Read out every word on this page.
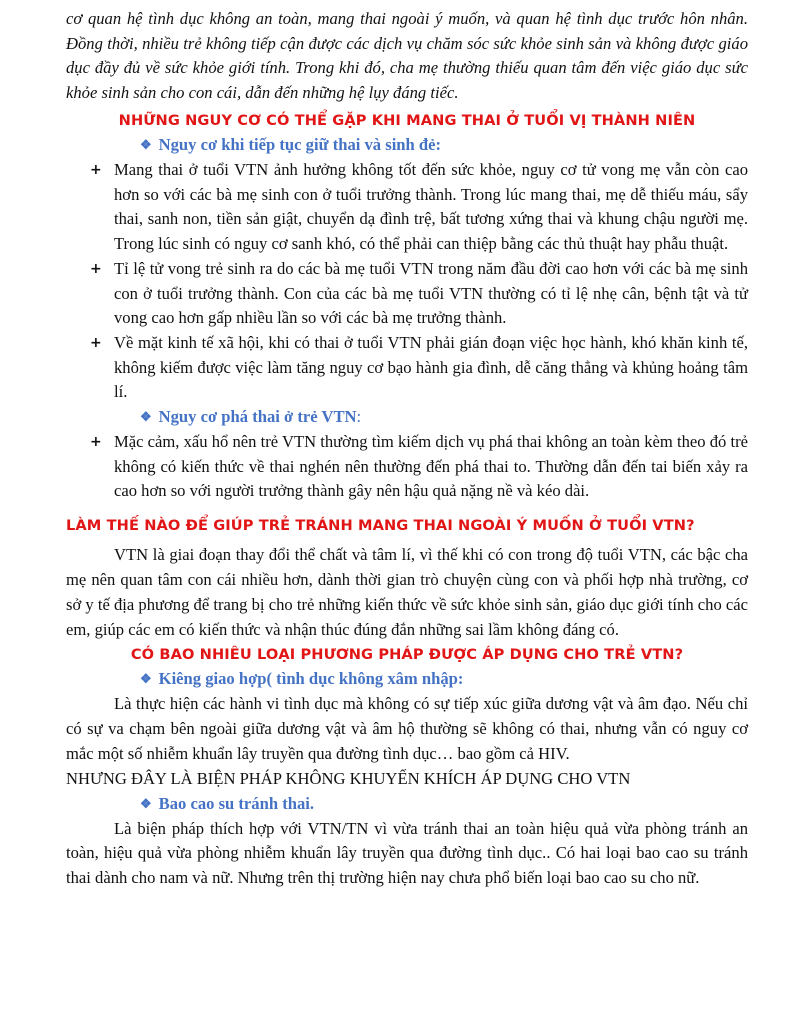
cơ quan hệ tình dục không an toàn, mang thai ngoài ý muốn, và quan hệ tình dục trước hôn nhân. Đồng thời, nhiều trẻ không tiếp cận được các dịch vụ chăm sóc sức khỏe sinh sản và không được giáo dục đầy đủ về sức khỏe giới tính. Trong khi đó, cha mẹ thường thiếu quan tâm đến việc giáo dục sức khỏe sinh sản cho con cái, dẫn đến những hệ lụy đáng tiếc.

NHỮNG NGUY CƠ CÓ THỂ GẶP KHI MANG THAI Ở TUỔI VỊ THÀNH NIÊN

❖ Nguy cơ khi tiếp tục giữ thai và sinh đẻ:

+ Mang thai ở tuổi VTN ảnh hưởng không tốt đến sức khỏe, nguy cơ tử vong mẹ vẫn còn cao hơn so với các bà mẹ sinh con ở tuổi trưởng thành. Trong lúc mang thai, mẹ dễ thiếu máu, sẩy thai, sanh non, tiền sản giật, chuyển dạ đình trệ, bất tương xứng thai và khung chậu người mẹ. Trong lúc sinh có nguy cơ sanh khó, có thể phải can thiệp bằng các thủ thuật hay phẫu thuật.

+ Tỉ lệ tử vong trẻ sinh ra do các bà mẹ tuổi VTN trong năm đầu đời cao hơn với các bà mẹ sinh con ở tuổi trưởng thành. Con của các bà mẹ tuổi VTN thường có tỉ lệ nhẹ cân, bệnh tật và tử vong cao hơn gấp nhiều lần so với các bà mẹ trưởng thành.

+ Về mặt kinh tế xã hội, khi có thai ở tuổi VTN phải gián đoạn việc học hành, khó khăn kinh tế, không kiếm được việc làm tăng nguy cơ bạo hành gia đình, dễ căng thẳng và khủng hoảng tâm lí.

❖ Nguy cơ phá thai ở trẻ VTN:

+ Mặc cảm, xấu hổ nên trẻ VTN thường tìm kiếm dịch vụ phá thai không an toàn kèm theo đó trẻ không có kiến thức về thai nghén nên thường đến phá thai to. Thường dẫn đến tai biến xảy ra cao hơn so với người trưởng thành gây nên hậu quả nặng nề và kéo dài.

LÀM THẾ NÀO ĐỂ GIÚP TRẺ TRÁNH MANG THAI NGOÀI Ý MUỐN Ở TUỔI VTN?

VTN là giai đoạn thay đổi thể chất và tâm lí, vì thế khi có con trong độ tuổi VTN, các bậc cha mẹ nên quan tâm con cái nhiều hơn, dành thời gian trò chuyện cùng con và phối hợp nhà trường, cơ sở y tế địa phương để trang bị cho trẻ những kiến thức về sức khỏe sinh sản, giáo dục giới tính cho các em, giúp các em có kiến thức và nhận thúc đúng đắn những sai lầm không đáng có.

CÓ BAO NHIÊU LOẠI PHƯƠNG PHÁP ĐƯỢC ÁP DỤNG CHO TRẺ VTN?

❖ Kiêng giao hợp( tình dục không xâm nhập:

Là thực hiện các hành vi tình dục mà không có sự tiếp xúc giữa dương vật và âm đạo. Nếu chỉ có sự va chạm bên ngoài giữa dương vật và âm hộ thường sẽ không có thai, nhưng vẫn có nguy cơ mắc một số nhiễm khuẩn lây truyền qua đường tình dục… bao gồm cả HIV.

NHƯNG ĐÂY LÀ BIỆN PHÁP KHÔNG KHUYẾN KHÍCH ÁP DỤNG CHO VTN

❖ Bao cao su tránh thai.

Là biện pháp thích hợp với VTN/TN vì vừa tránh thai an toàn hiệu quả vừa phòng tránh an toàn, hiệu quả vừa phòng nhiễm khuẩn lây truyền qua đường tình dục.. Có hai loại bao cao su tránh thai dành cho nam và nữ. Nhưng trên thị trường hiện nay chưa phổ biến loại bao cao su cho nữ.
